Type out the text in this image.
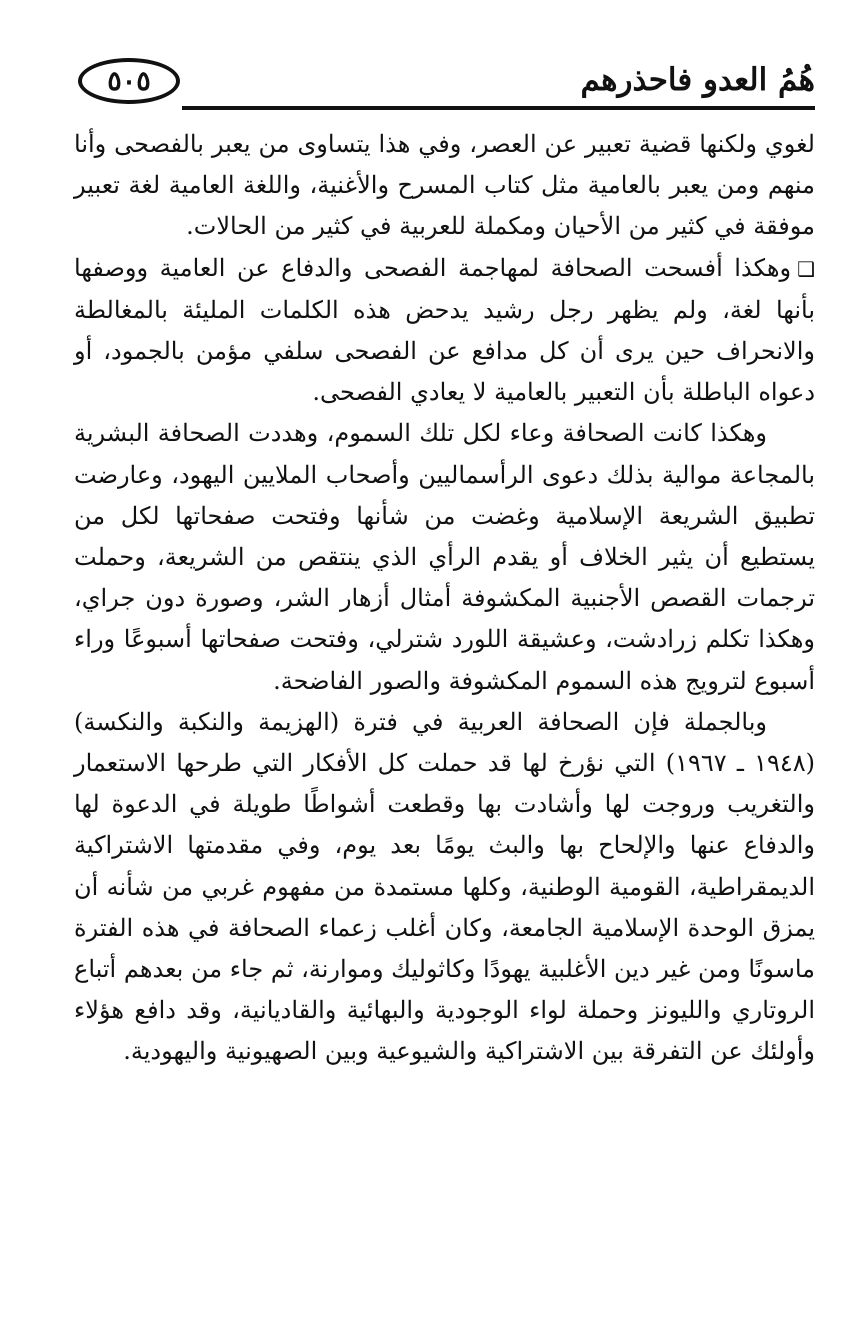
هُمُ العدو فاحذرهم
٥٠٥

لغوي ولكنها قضية تعبير عن العصر، وفي هذا يتساوى من يعبر بالفصحى وأنا منهم ومن يعبر بالعامية مثل كتاب المسرح والأغنية، واللغة العامية لغة تعبير موفقة في كثير من الأحيان ومكملة للعربية في كثير من الحالات.

❑وهكذا أفسحت الصحافة لمهاجمة الفصحى والدفاع عن العامية ووصفها بأنها لغة، ولم يظهر رجل رشيد يدحض هذه الكلمات المليئة بالمغالطة والانحراف حين يرى أن كل مدافع عن الفصحى سلفي مؤمن بالجمود، أو دعواه الباطلة بأن التعبير بالعامية لا يعادي الفصحى.

وهكذا كانت الصحافة وعاء لكل تلك السموم، وهددت الصحافة البشرية بالمجاعة موالية بذلك دعوى الرأسماليين وأصحاب الملايين اليهود، وعارضت تطبيق الشريعة الإسلامية وغضت من شأنها وفتحت صفحاتها لكل من يستطيع أن يثير الخلاف أو يقدم الرأي الذي ينتقص من الشريعة، وحملت ترجمات القصص الأجنبية المكشوفة أمثال أزهار الشر، وصورة دون جراي، وهكذا تكلم زرادشت، وعشيقة اللورد شترلي، وفتحت صفحاتها أسبوعًا وراء أسبوع لترويج هذه السموم المكشوفة والصور الفاضحة.

وبالجملة فإن الصحافة العربية في فترة (الهزيمة والنكبة والنكسة) (١٩٤٨ ـ ١٩٦٧) التي نؤرخ لها قد حملت كل الأفكار التي طرحها الاستعمار والتغريب وروجت لها وأشادت بها وقطعت أشواطًا طويلة في الدعوة لها والدفاع عنها والإلحاح بها والبث يومًا بعد يوم، وفي مقدمتها الاشتراكية الديمقراطية، القومية الوطنية، وكلها مستمدة من مفهوم غربي من شأنه أن يمزق الوحدة الإسلامية الجامعة، وكان أغلب زعماء الصحافة في هذه الفترة ماسونًا ومن غير دين الأغلبية يهودًا وكاثوليك وموارنة، ثم جاء من بعدهم أتباع الروتاري والليونز وحملة لواء الوجودية والبهائية والقاديانية، وقد دافع هؤلاء وأولئك عن التفرقة بين الاشتراكية والشيوعية وبين الصهيونية واليهودية.
